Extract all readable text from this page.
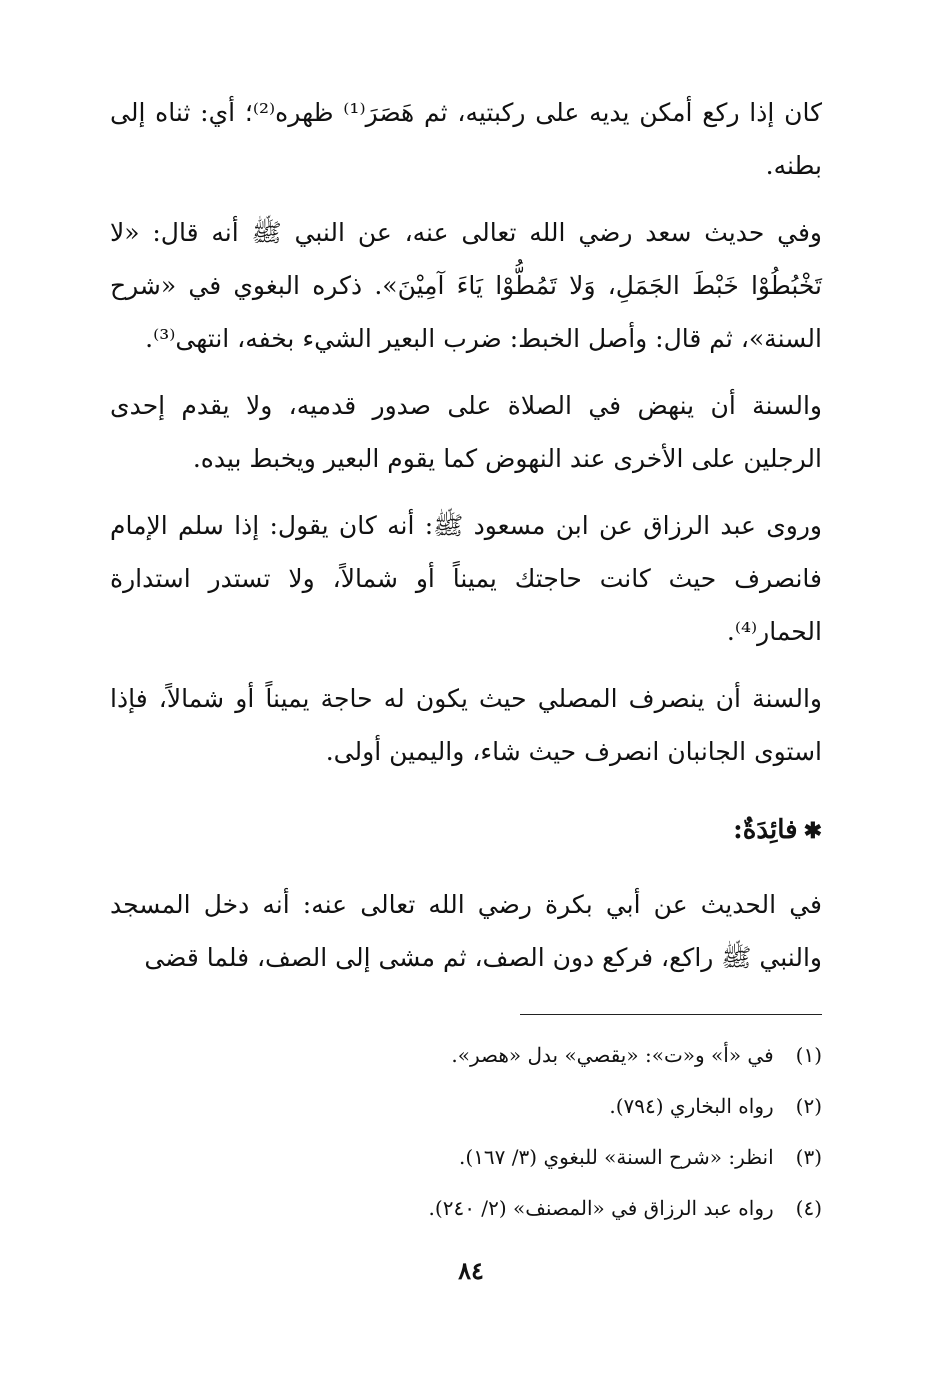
كان إذا ركع أمكن يديه على ركبتيه، ثم هَصَرَ⁽¹⁾ ظهره⁽²⁾؛ أي: ثناه إلى بطنه.

وفي حديث سعد رضي الله تعالى عنه، عن النبي ﷺ أنه قال: «لا تَخْبُطُوْا خَبْطَ الجَمَلِ، وَلا تَمُطُّوْا يَاءَ آمِيْنَ». ذكره البغوي في «شرح السنة»، ثم قال: وأصل الخبط: ضرب البعير الشيء بخفه، انتهى⁽³⁾.

والسنة أن ينهض في الصلاة على صدور قدميه، ولا يقدم إحدى الرجلين على الأخرى عند النهوض كما يقوم البعير ويخبط بيده.

وروى عبد الرزاق عن ابن مسعود ﷺ: أنه كان يقول: إذا سلم الإمام فانصرف حيث كانت حاجتك يميناً أو شمالاً، ولا تستدر استدارة الحمار⁽⁴⁾.

والسنة أن ينصرف المصلي حيث يكون له حاجة يميناً أو شمالاً، فإذا استوى الجانبان انصرف حيث شاء، واليمين أولى.

✱فائِدَةٌ:

في الحديث عن أبي بكرة رضي الله تعالى عنه: أنه دخل المسجد والنبي ﷺ راكع، فركع دون الصف، ثم مشى إلى الصف، فلما قضى

(١) في «أ» و«ت»: «يقصي» بدل «هصر».
(٢) رواه البخاري (٧٩٤).
(٣) انظر: «شرح السنة» للبغوي (٣/ ١٦٧).
(٤) رواه عبد الرزاق في «المصنف» (٢/ ٢٤٠).
٨٤
